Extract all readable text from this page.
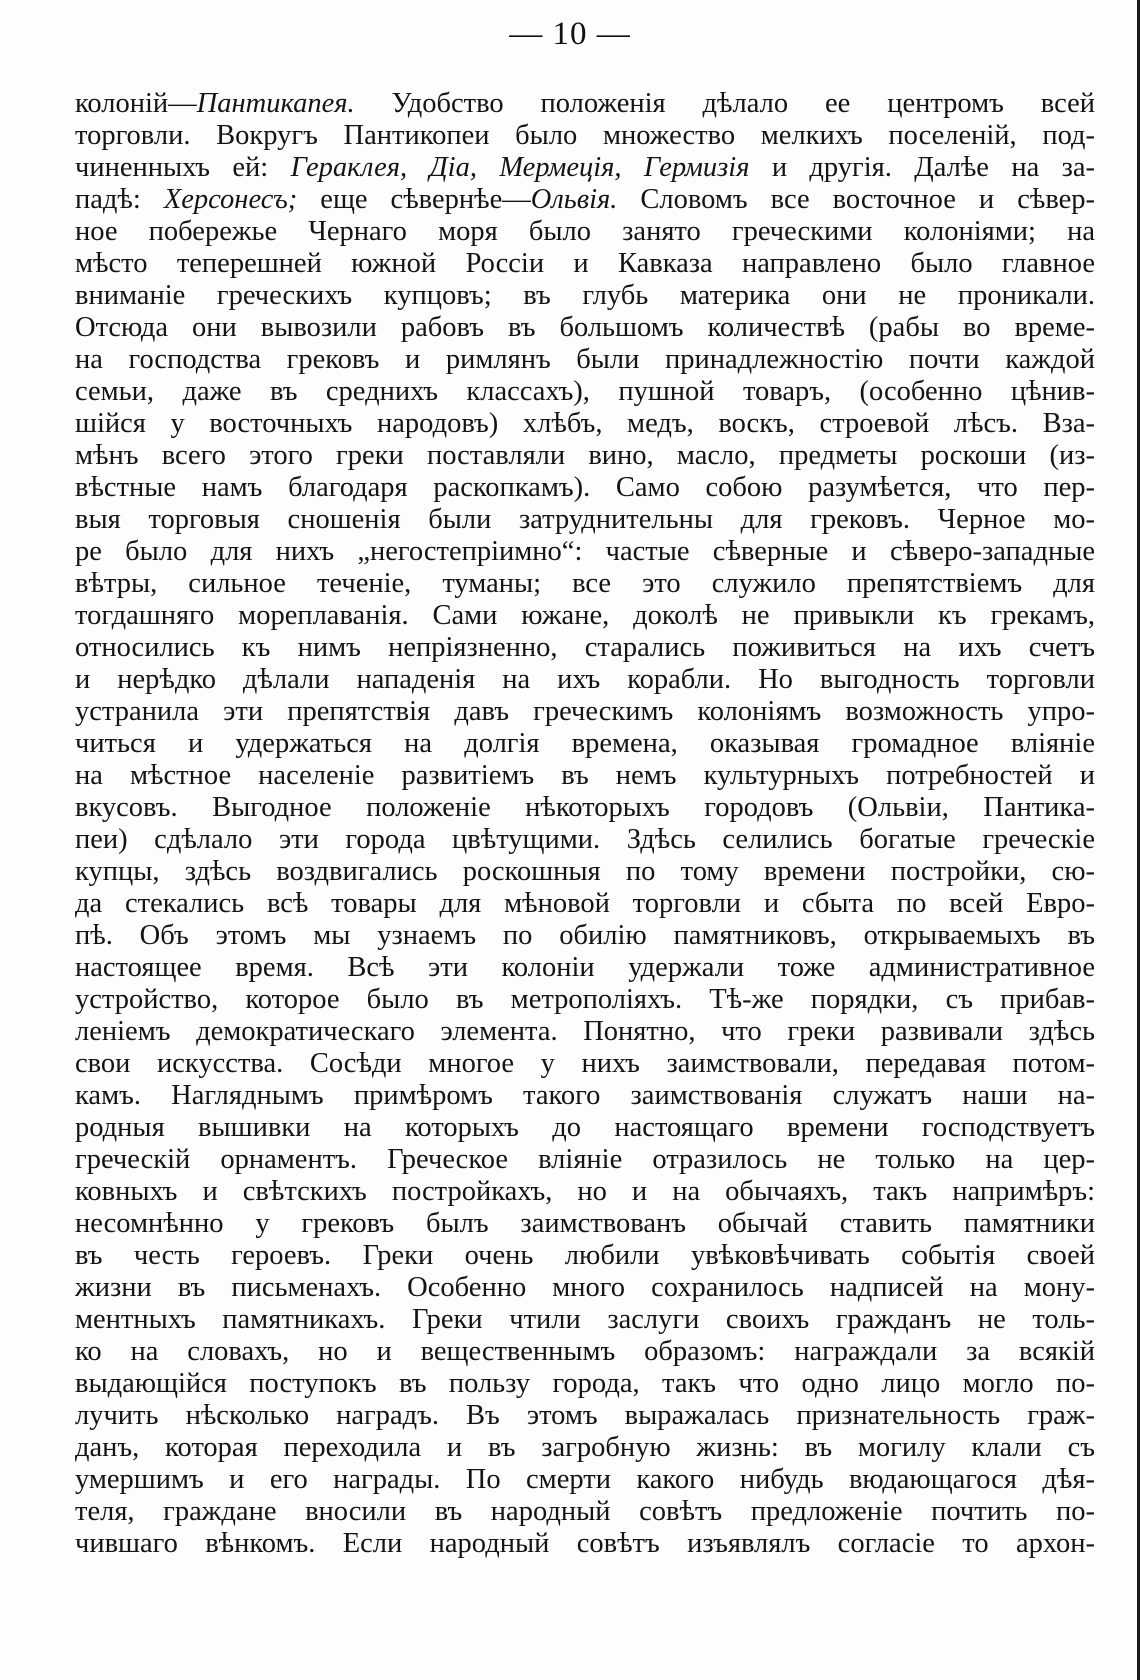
— 10 —
колоній—Пантикапея. Удобство положенія дѣлало ее центромъ всей
торговли. Вокругъ Пантикопеи было множество мелкихъ поселеній, под-
чиненныхъ ей: Гераклея, Діа, Мермеція, Гермизія и другія. Далѣе на за-
падѣ: Херсонесъ; еще сѣвернѣе—Ольвія. Словомъ все восточное и сѣвер-
ное побережье Чернаго моря было занято греческими колоніями; на
мѣсто теперешней южной Россіи и Кавказа направлено было главное
вниманіе греческихъ купцовъ; въ глубь материка они не проникали.
Отсюда они вывозили рабовъ въ большомъ количествѣ (рабы во време-
на господства грековъ и римлянъ были принадлежностію почти каждой
семьи, даже въ среднихъ классахъ), пушной товаръ, (особенно цѣнив-
шійся у восточныхъ народовъ) хлѣбъ, медъ, воскъ, строевой лѣсъ. Вза-
мѣнъ всего этого греки поставляли вино, масло, предметы роскоши (из-
вѣстные намъ благодаря раскопкамъ). Само собою разумѣется, что пер-
выя торговыя сношенія были затруднительны для грековъ. Черное мо-
ре было для нихъ „негостепріимно“: частые сѣверные и сѣверо-западные
вѣтры, сильное теченіе, туманы; все это служило препятствіемъ для
тогдашняго мореплаванія. Сами южане, доколѣ не привыкли къ грекамъ,
относились къ нимъ непріязненно, старались поживиться на ихъ счетъ
и нерѣдко дѣлали нападенія на ихъ корабли. Но выгодность торговли
устранила эти препятствія давъ греческимъ колоніямъ возможность упро-
читься и удержаться на долгія времена, оказывая громадное вліяніе
на мѣстное населеніе развитіемъ въ немъ культурныхъ потребностей и
вкусовъ. Выгодное положеніе нѣкоторыхъ городовъ (Ольвіи, Пантика-
пеи) сдѣлало эти города цвѣтущими. Здѣсь селились богатые греческіе
купцы, здѣсь воздвигались роскошныя по тому времени постройки, сю-
да стекались всѣ товары для мѣновой торговли и сбыта по всей Евро-
пѣ. Объ этомъ мы узнаемъ по обилію памятниковъ, открываемыхъ въ
настоящее время. Всѣ эти колоніи удержали тоже административное
устройство, которое было въ метрополіяхъ. Тѣ-же порядки, съ прибав-
леніемъ демократическаго элемента. Понятно, что греки развивали здѣсь
свои искусства. Сосѣди многое у нихъ заимствовали, передавая потом-
камъ. Нагляднымъ примѣромъ такого заимствованія служатъ наши на-
родныя вышивки на которыхъ до настоящаго времени господствуетъ
греческій орнаментъ. Греческое вліяніе отразилось не только на цер-
ковныхъ и свѣтскихъ постройкахъ, но и на обычаяхъ, такъ напримѣръ:
несомнѣнно у грековъ былъ заимствованъ обычай ставить памятники
въ честь героевъ. Греки очень любили увѣковѣчивать событія своей
жизни въ письменахъ. Особенно много сохранилось надписей на мону-
ментныхъ памятникахъ. Греки чтили заслуги своихъ гражданъ не толь-
ко на словахъ, но и вещественнымъ образомъ: награждали за всякій
выдающійся поступокъ въ пользу города, такъ что одно лицо могло по-
лучить нѣсколько наградъ. Въ этомъ выражалась признательность граж-
данъ, которая переходила и въ загробную жизнь: въ могилу клали съ
умершимъ и его награды. По смерти какого нибудь вюдающагося дѣя-
теля, граждане вносили въ народный совѣтъ предложеніе почтить по-
чившаго вѣнкомъ. Если народный совѣтъ изъявлялъ согласіе то архон-
